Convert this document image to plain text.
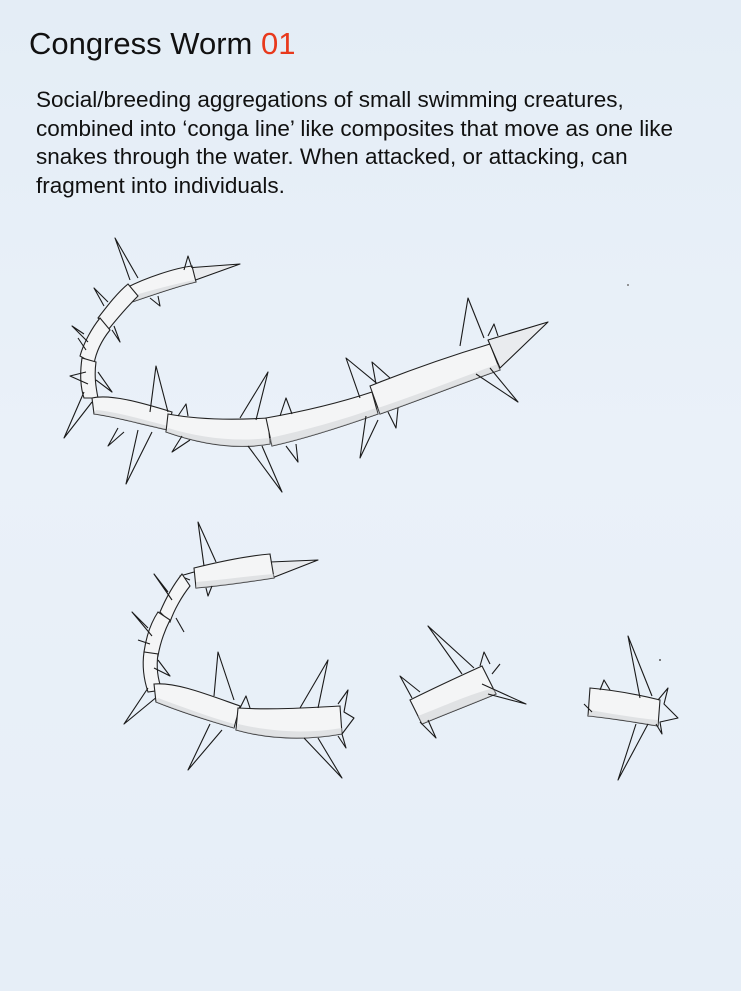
Congress Worm 01

Social/breeding aggregations of small swimming creatures, combined into ‘conga line’ like composites that move as one like snakes through the water. When attacked, or attacking, can fragment into individuals.
